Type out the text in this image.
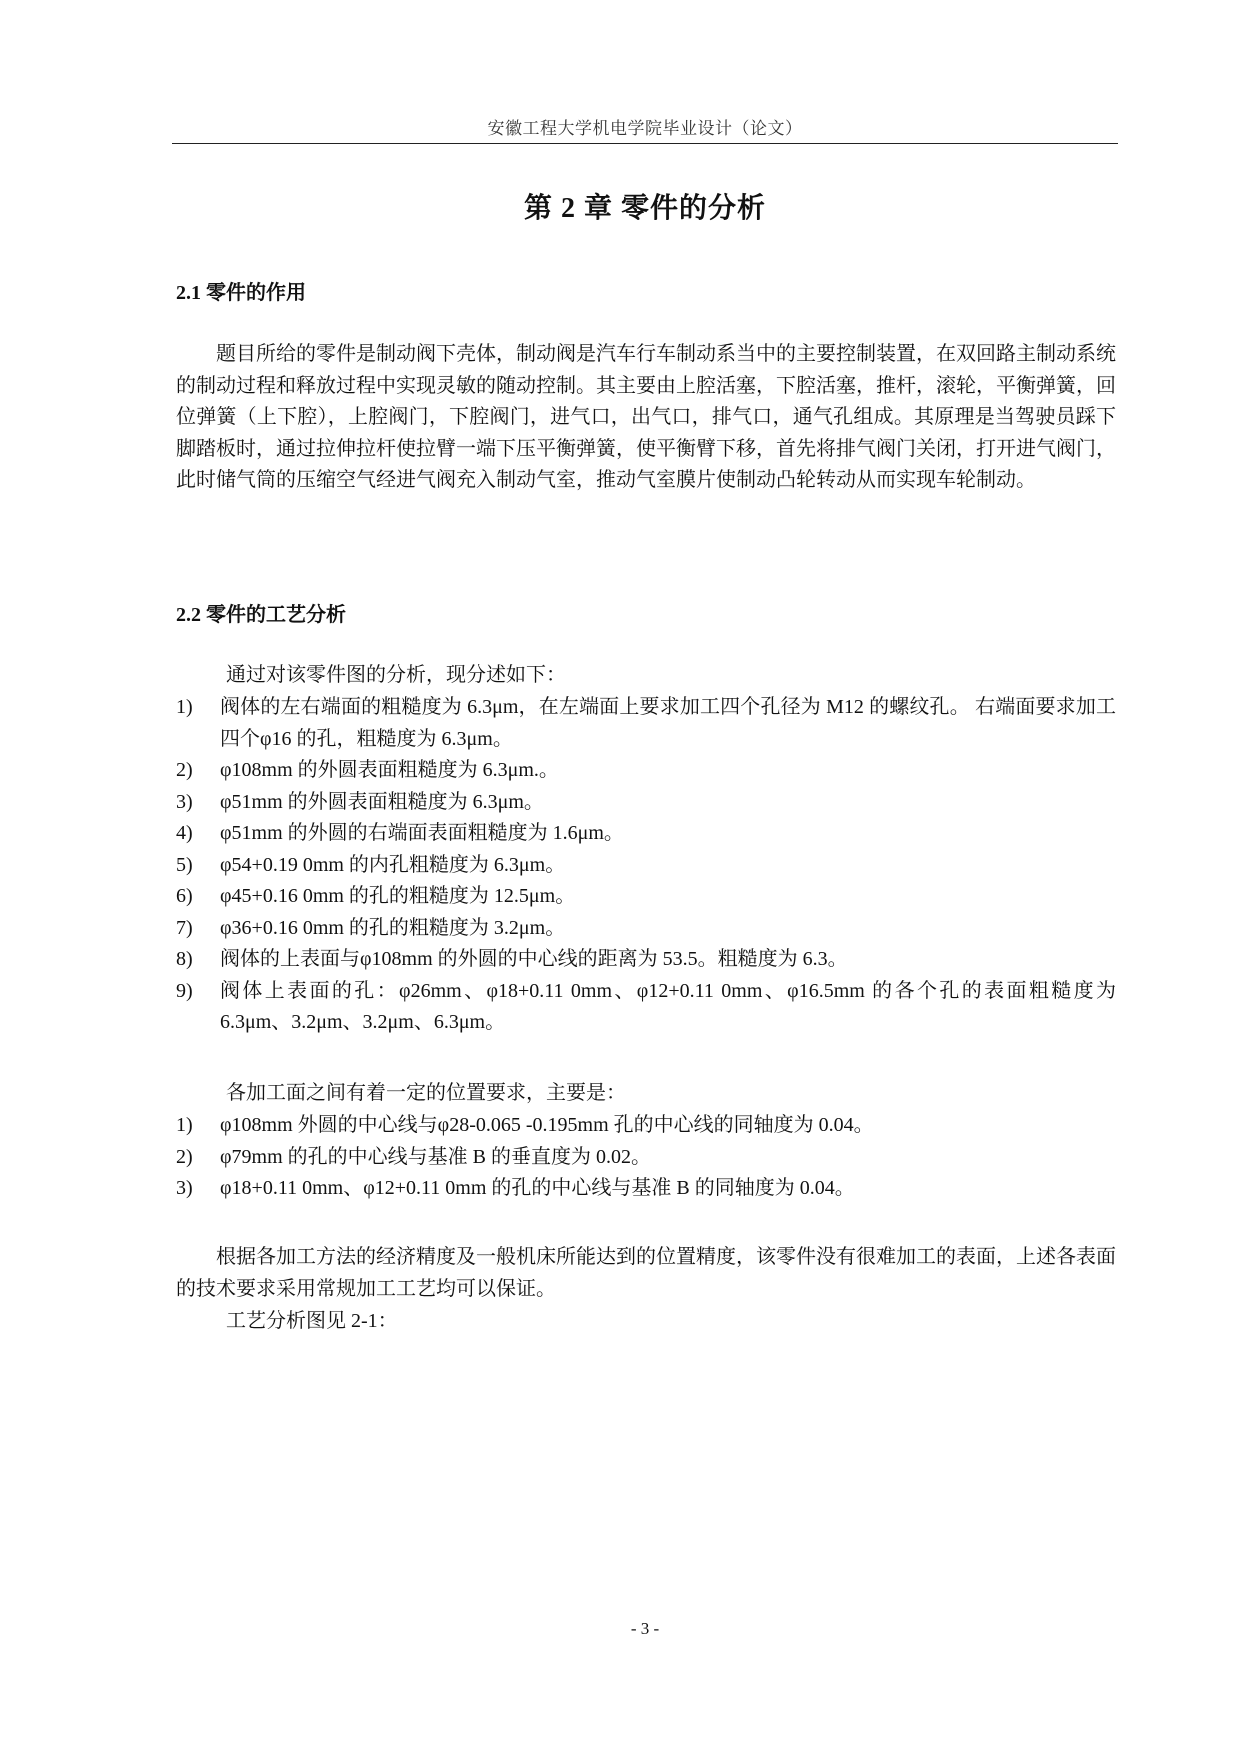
安徽工程大学机电学院毕业设计（论文）
第 2 章 零件的分析
2.1 零件的作用
题目所给的零件是制动阀下壳体，制动阀是汽车行车制动系当中的主要控制装置，在双回路主制动系统的制动过程和释放过程中实现灵敏的随动控制。其主要由上腔活塞，下腔活塞，推杆，滚轮，平衡弹簧，回位弹簧（上下腔），上腔阀门，下腔阀门，进气口，出气口，排气口，通气孔组成。其原理是当驾驶员踩下脚踏板时，通过拉伸拉杆使拉臂一端下压平衡弹簧，使平衡臂下移，首先将排气阀门关闭，打开进气阀门，此时储气筒的压缩空气经进气阀充入制动气室，推动气室膜片使制动凸轮转动从而实现车轮制动。
2.2 零件的工艺分析
通过对该零件图的分析，现分述如下：
1) 阀体的左右端面的粗糙度为 6.3μm，在左端面上要求加工四个孔径为 M12 的螺纹孔。 右端面要求加工四个φ16 的孔，粗糙度为 6.3μm。
2) φ108mm 的外圆表面粗糙度为 6.3μm.。
3) φ51mm 的外圆表面粗糙度为 6.3μm。
4) φ51mm 的外圆的右端面表面粗糙度为 1.6μm。
5) φ54+0.19 0mm 的内孔粗糙度为 6.3μm。
6) φ45+0.16 0mm 的孔的粗糙度为 12.5μm。
7) φ36+0.16 0mm 的孔的粗糙度为 3.2μm。
8) 阀体的上表面与φ108mm 的外圆的中心线的距离为 53.5。粗糙度为 6.3。
9) 阀体上表面的孔：φ26mm、φ18+0.11 0mm、φ12+0.11 0mm、φ16.5mm 的各个孔的表面粗糙度为 6.3μm、3.2μm、3.2μm、6.3μm。
各加工面之间有着一定的位置要求，主要是：
1) φ108mm 外圆的中心线与φ28-0.065 -0.195mm 孔的中心线的同轴度为 0.04。
2) φ79mm 的孔的中心线与基准 B 的垂直度为 0.02。
3) φ18+0.11 0mm、φ12+0.11 0mm 的孔的中心线与基准 B 的同轴度为 0.04。
根据各加工方法的经济精度及一般机床所能达到的位置精度，该零件没有很难加工的表面，上述各表面的技术要求采用常规加工工艺均可以保证。
工艺分析图见 2-1：
- 3 -
